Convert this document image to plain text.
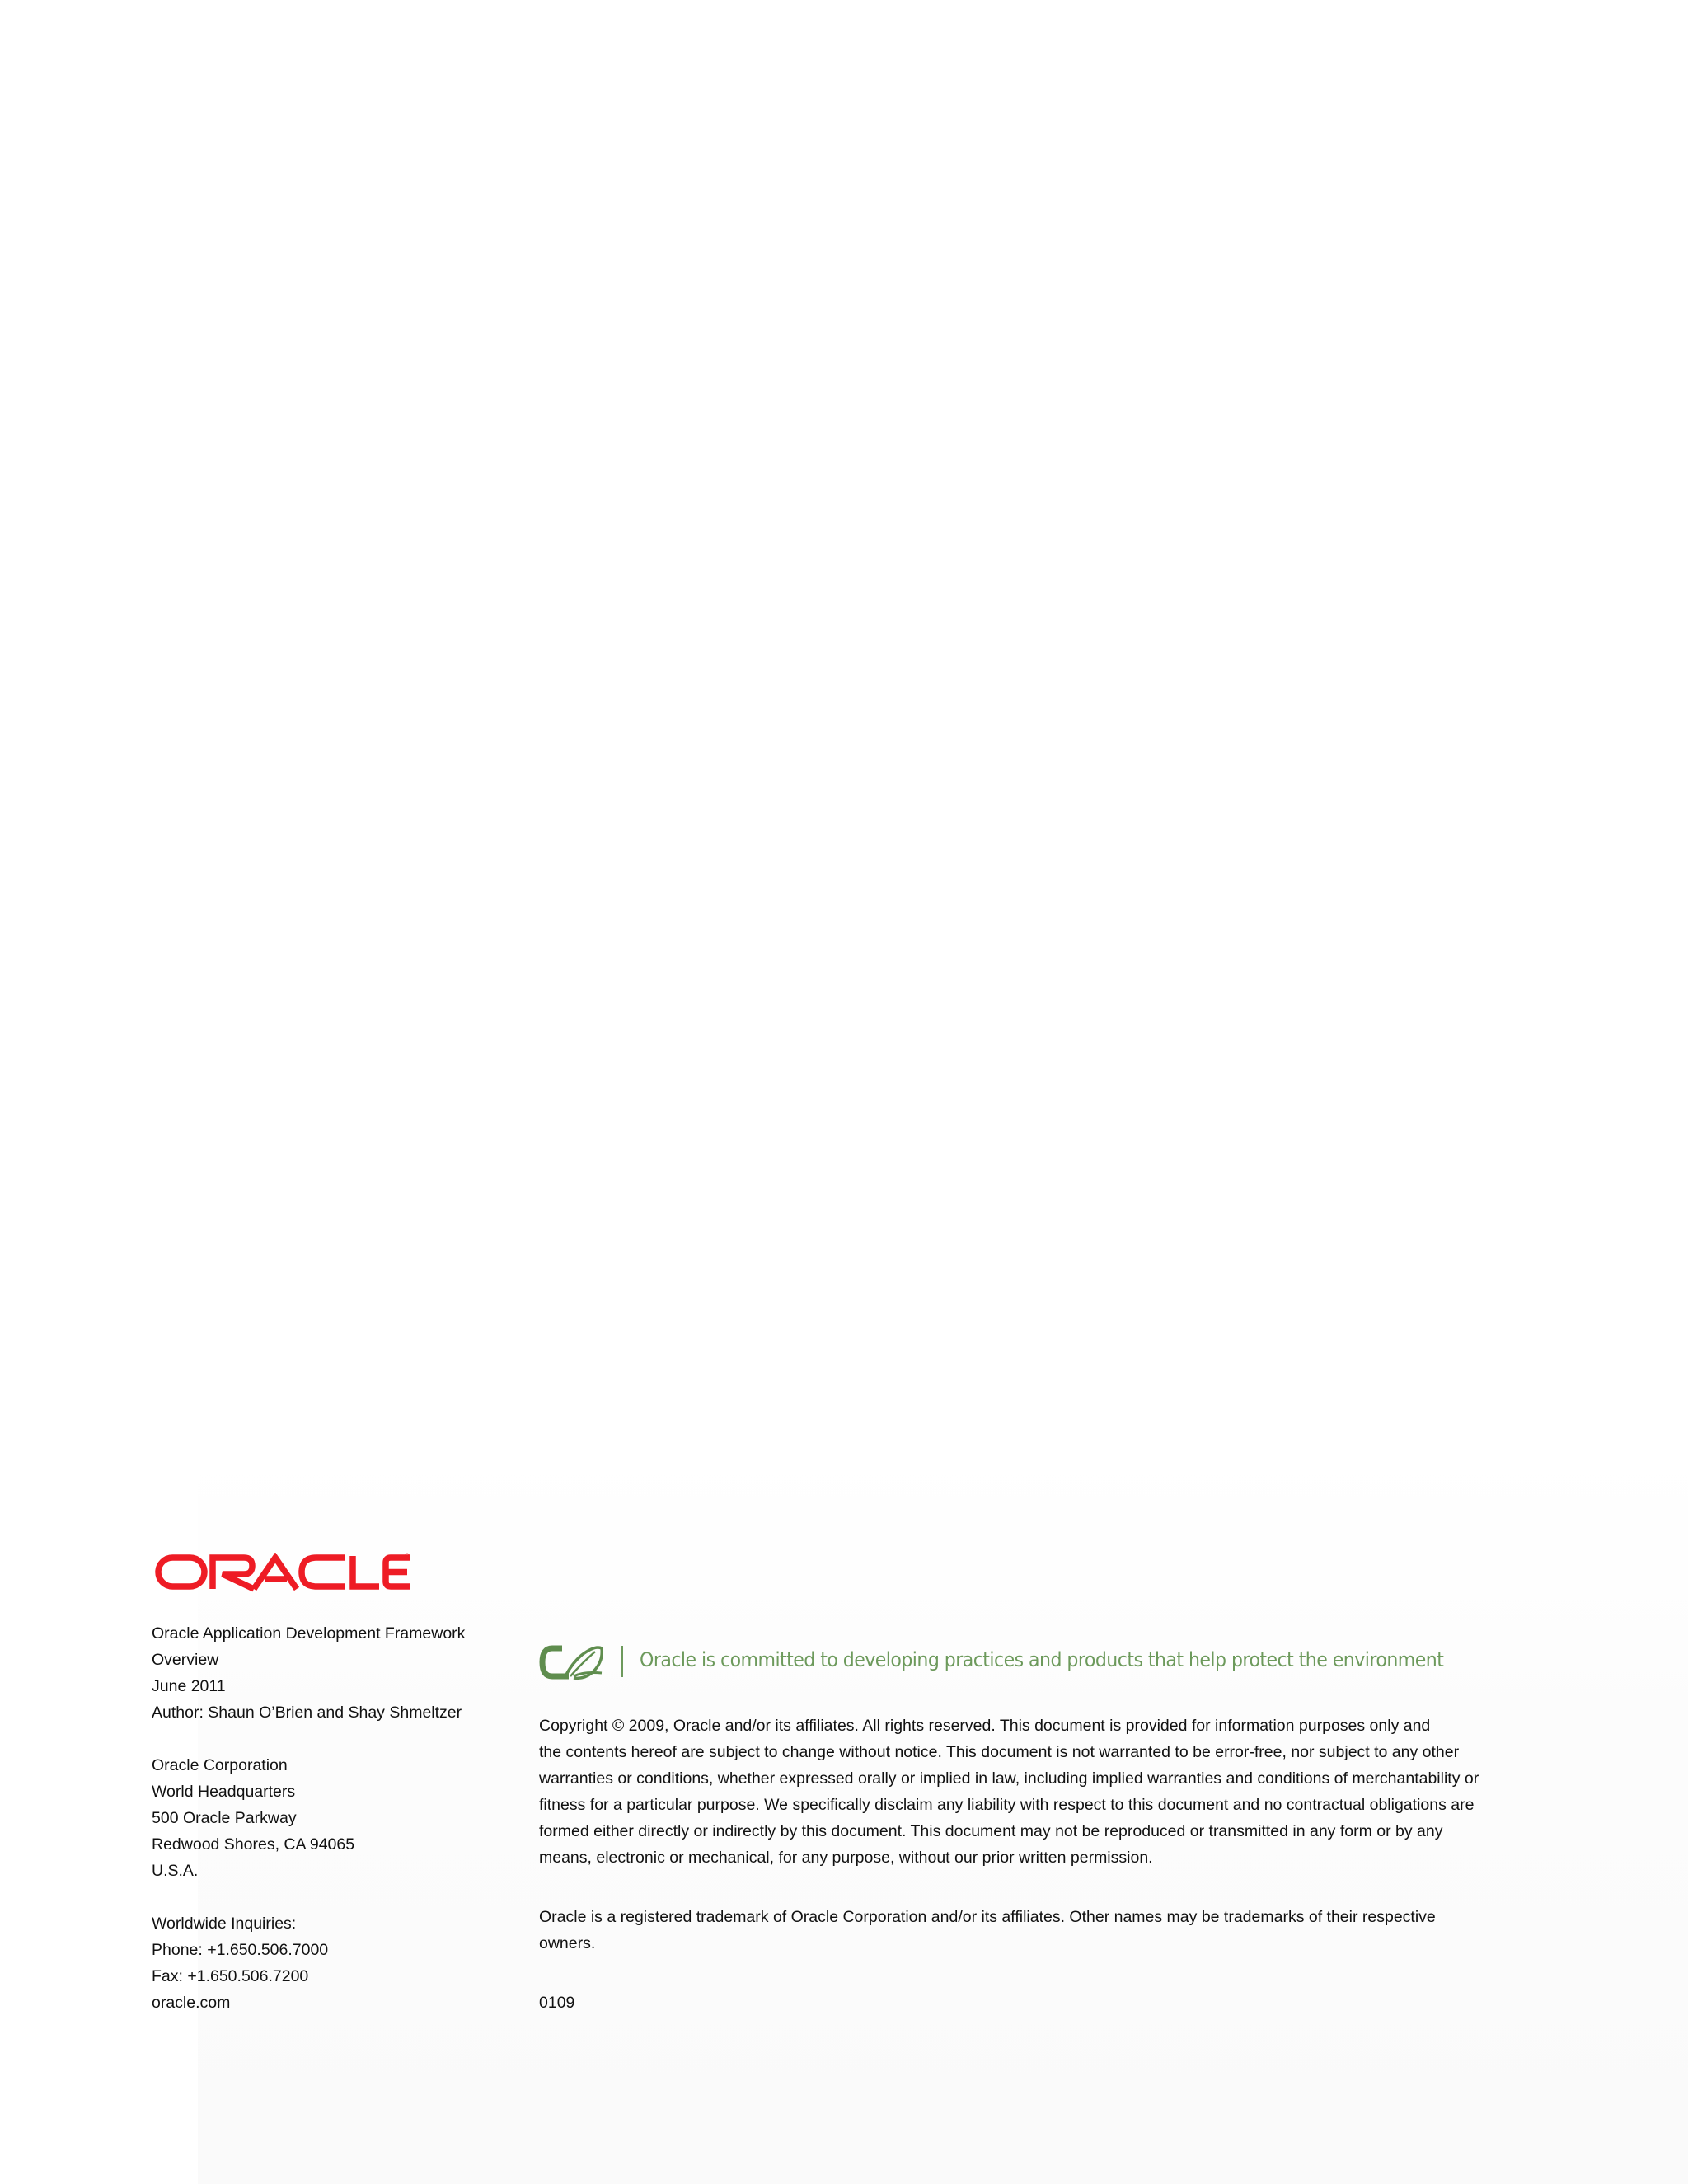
Oracle Application Development Framework
Overview
June 2011
Author: Shaun O’Brien and Shay Shmeltzer
Oracle Corporation
World Headquarters
500 Oracle Parkway
Redwood Shores, CA 94065
U.S.A.
Worldwide Inquiries:
Phone: +1.650.506.7000
Fax: +1.650.506.7200
oracle.com
Oracle is committed to developing practices and products that help protect the environment
Copyright © 2009, Oracle and/or its affiliates. All rights reserved. This document is provided for information purposes only and
the contents hereof are subject to change without notice. This document is not warranted to be error-free, nor subject to any other
warranties or conditions, whether expressed orally or implied in law, including implied warranties and conditions of merchantability or
fitness for a particular purpose. We specifically disclaim any liability with respect to this document and no contractual obligations are
formed either directly or indirectly by this document. This document may not be reproduced or transmitted in any form or by any
means, electronic or mechanical, for any purpose, without our prior written permission.

Oracle is a registered trademark of Oracle Corporation and/or its affiliates. Other names may be trademarks of their respective
owners.

0109
